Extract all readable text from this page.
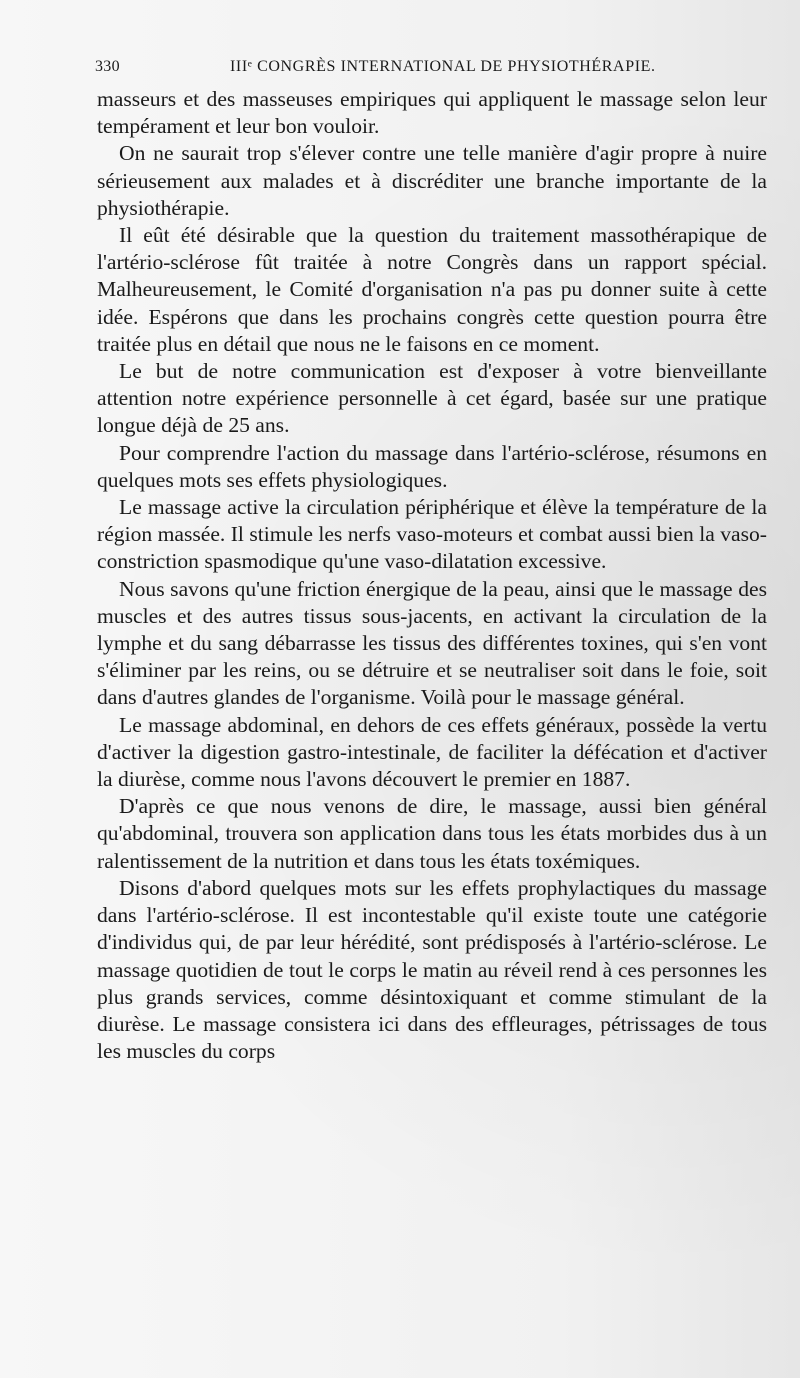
330	IIIᵉ CONGRÈS INTERNATIONAL DE PHYSIOTHÉRAPIE.

masseurs et des masseuses empiriques qui appliquent le massage selon leur tempérament et leur bon vouloir.

On ne saurait trop s'élever contre une telle manière d'agir propre à nuire sérieusement aux malades et à discréditer une branche importante de la physiothérapie.

Il eût été désirable que la question du traitement massothérapique de l'artério-sclérose fût traitée à notre Congrès dans un rapport spécial. Malheureusement, le Comité d'organisation n'a pas pu donner suite à cette idée. Espérons que dans les prochains congrès cette question pourra être traitée plus en détail que nous ne le faisons en ce moment.

Le but de notre communication est d'exposer à votre bienveillante attention notre expérience personnelle à cet égard, basée sur une pratique longue déjà de 25 ans.

Pour comprendre l'action du massage dans l'artério-sclérose, résumons en quelques mots ses effets physiologiques.

Le massage active la circulation périphérique et élève la température de la région massée. Il stimule les nerfs vaso-moteurs et combat aussi bien la vaso-constriction spasmodique qu'une vaso-dilatation excessive.

Nous savons qu'une friction énergique de la peau, ainsi que le massage des muscles et des autres tissus sous-jacents, en activant la circulation de la lymphe et du sang débarrasse les tissus des différentes toxines, qui s'en vont s'éliminer par les reins, ou se détruire et se neutraliser soit dans le foie, soit dans d'autres glandes de l'organisme. Voilà pour le massage général.

Le massage abdominal, en dehors de ces effets généraux, possède la vertu d'activer la digestion gastro-intestinale, de faciliter la défécation et d'activer la diurèse, comme nous l'avons découvert le premier en 1887.

D'après ce que nous venons de dire, le massage, aussi bien général qu'abdominal, trouvera son application dans tous les états morbides dus à un ralentissement de la nutrition et dans tous les états toxémiques.

Disons d'abord quelques mots sur les effets prophylactiques du massage dans l'artério-sclérose. Il est incontestable qu'il existe toute une catégorie d'individus qui, de par leur hérédité, sont prédisposés à l'artério-sclérose. Le massage quotidien de tout le corps le matin au réveil rend à ces personnes les plus grands services, comme désintoxiquant et comme stimulant de la diurèse. Le massage consistera ici dans des effleurages, pétrissages de tous les muscles du corps
